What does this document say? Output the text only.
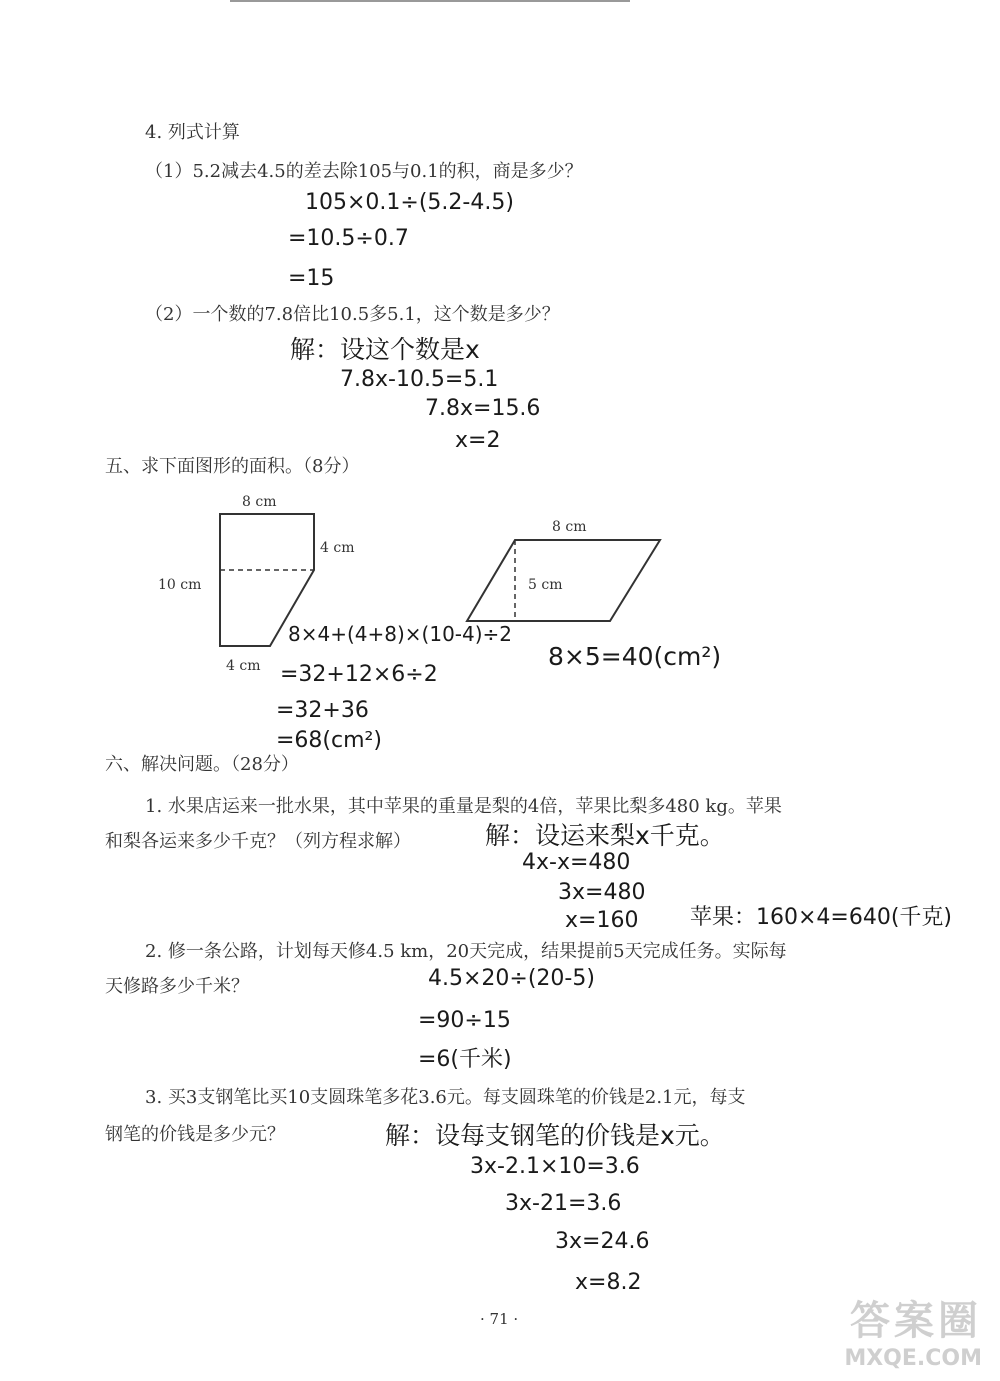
4. 列式计算
（1）5.2减去4.5的差去除105与0.1的积，商是多少？
105×0.1÷(5.2-4.5)
=10.5÷0.7
=15
（2）一个数的7.8倍比10.5多5.1，这个数是多少？
解：设这个数是x
7.8x-10.5=5.1
7.8x=15.6
x=2
五、求下面图形的面积。（8分）
8 cm
4 cm
10 cm
4 cm
8 cm
5 cm
8×4+(4+8)×(10-4)÷2
=32+12×6÷2
=32+36
=68(cm²)
8×5=40(cm²)
六、解决问题。（28分）
1. 水果店运来一批水果，其中苹果的重量是梨的4倍，苹果比梨多480 kg。苹果
和梨各运来多少千克？（列方程求解）	解：设运来梨x千克。
4x-x=480
3x=480
x=160 苹果：160×4=640(千克)
2. 修一条公路，计划每天修4.5 km，20天完成，结果提前5天完成任务。实际每
天修路多少千米？	4.5×20÷(20-5)
=90÷15
=6(千米)
3. 买3支钢笔比买10支圆珠笔多花3.6元。每支圆珠笔的价钱是2.1元，每支
钢笔的价钱是多少元？	解：设每支钢笔的价钱是x元。
3x-2.1×10=3.6
3x-21=3.6
3x=24.6
x=8.2
· 71 ·	答案圈
MXQE.COM
